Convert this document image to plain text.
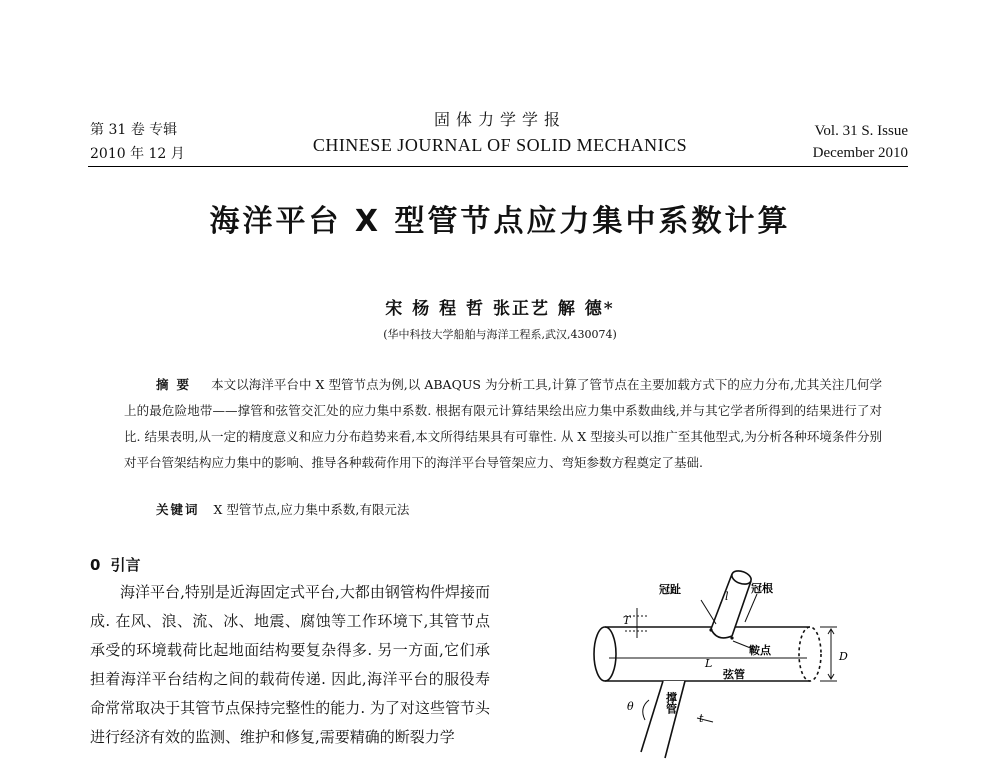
第 31 卷 专辑
2010 年 12 月
固体力学学报
CHINESE JOURNAL OF SOLID MECHANICS
Vol. 31 S. Issue
December 2010
海洋平台 X 型管节点应力集中系数计算
宋 杨 程 哲 张正艺 解 德*
(华中科技大学船舶与海洋工程系,武汉,430074)
摘要 本文以海洋平台中 X 型管节点为例,以 ABAQUS 为分析工具,计算了管节点在主要加载方式下的应力分布,尤其关注几何学上的最危险地带——撑管和弦管交汇处的应力集中系数. 根据有限元计算结果绘出应力集中系数曲线,并与其它学者所得到的结果进行了对比. 结果表明,从一定的精度意义和应力分布趋势来看,本文所得结果具有可靠性. 从 X 型接头可以推广至其他型式,为分析各种环境条件分别对平台管架结构应力集中的影响、推导各种载荷作用下的海洋平台导管架应力、弯矩参数方程奠定了基础.
关键词 X 型管节点,应力集中系数,有限元法
0 引言
海洋平台,特别是近海固定式平台,大都由钢管构件焊接而成. 在风、浪、流、冰、地震、腐蚀等工作环境下,其管节点承受的环境载荷比起地面结构要复杂得多. 另一方面,它们承担着海洋平台结构之间的载荷传递. 因此,海洋平台的服役寿命常常取决于其管节点保持完整性的能力. 为了对这些管节头进行经济有效的监测、维护和修复,需要精确的断裂力学
冠趾	冠根
鞍点
弦管
撑管
T
D
L
l
t
θ
